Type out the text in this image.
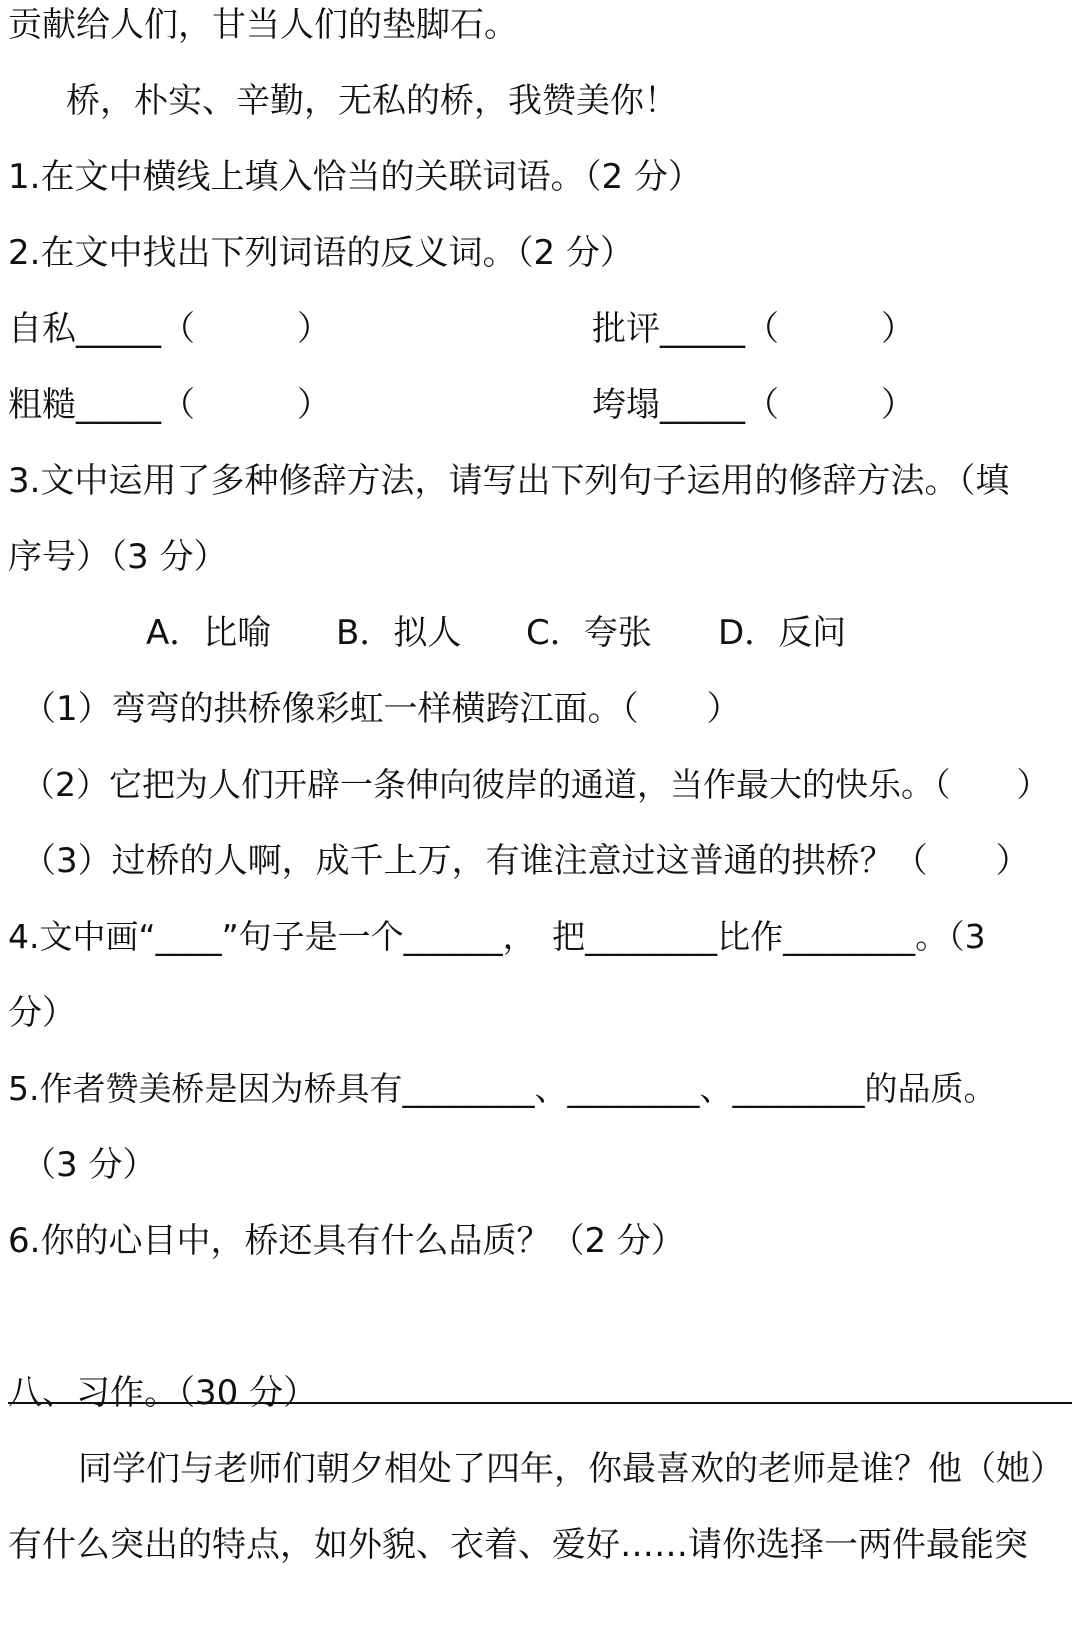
贡献给人们，甘当人们的垫脚石。
桥，朴实、辛勤，无私的桥，我赞美你！
1.在文中横线上填入恰当的关联词语。（2 分）
2.在文中找出下列词语的反义词。（2 分）
自私_____（　　　）	批评_____（　　　）
粗糙_____（　　　）	垮塌_____（　　　）
3.文中运用了多种修辞方法，请写出下列句子运用的修辞方法。（填
序号）（3 分）
A．比喻 B．拟人 C．夸张 D．反问
（1）弯弯的拱桥像彩虹一样横跨江面。（　　）
（2）它把为人们开辟一条伸向彼岸的通道，当作最大的快乐。（　　）
（3）过桥的人啊，成千上万，有谁注意过这普通的拱桥？（　　）
4.文中画“____”句子是一个______，　把________比作________。（3
分）
5.作者赞美桥是因为桥具有________、________、________的品质。
（3 分）
6.你的心目中，桥还具有什么品质？（2 分）
八、习作。（30 分）
同学们与老师们朝夕相处了四年，你最喜欢的老师是谁？他（她）
有什么突出的特点，如外貌、衣着、爱好……请你选择一两件最能突
